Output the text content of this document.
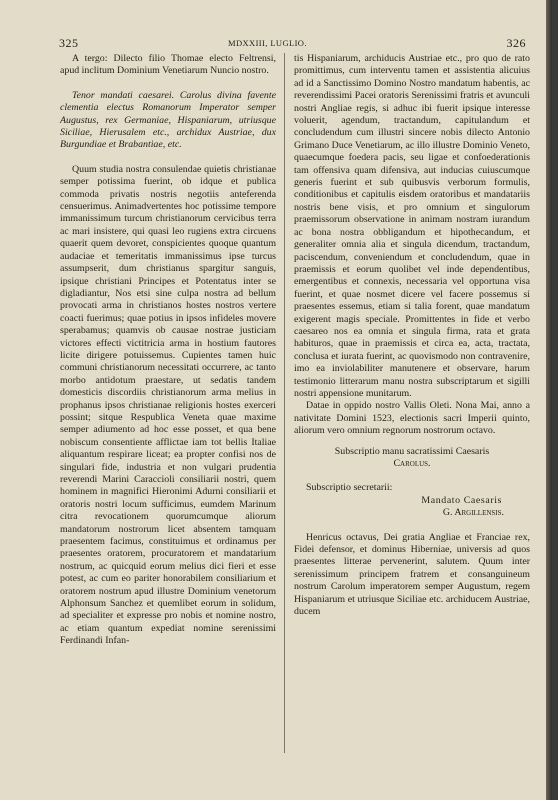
325	MDXXIII, LUGLIO.	326

A tergo: Dilecto filio Thomae electo Feltrensi, apud inclitum Dominium Venetiarum Nuncio nostro.

Tenor mandati caesarei. Carolus divina favente clementia electus Romanorum Imperator semper Augustus, rex Germaniae, Hispaniarum, utriusque Siciliae, Hierusalem etc., archidux Austriae, dux Burgundiae et Brabantiae, etc.

Quum studia nostra consulendae quietis christianae semper potissima fuerint, ob idque et publica commoda privatis nostris negotiis anteferenda censuerimus. Animadvertentes hoc potissime tempore immanissimum turcum christianorum cervicibus terra ac mari insistere, qui quasi leo rugiens extra circuens quaerit quem devoret, conspicientes quoque quantum audaciae et temeritatis immanissimus ipse turcus assumpserit, dum christianus spargitur sanguis, ipsique christiani Principes et Potentatus inter se digladiantur, Nos etsi sine culpa nostra ad bellum provocati arma in christianos hostes nostros vertere coacti fuerimus; quae potius in ipsos infideles movere sperabamus; quamvis ob causae nostrae justiciam victores effecti victitricia arma in hostium fautores licite dirigere potuissemus. Cupientes tamen huic communi christianorum necessitati occurrere, ac tanto morbo antidotum praestare, ut sedatis tandem domesticis discordiis christianorum arma melius in prophanus ipsos christianae religionis hostes exerceri possint; sitque Respublica Veneta quae maxime semper adiumento ad hoc esse posset, et qua bene nobiscum consentiente afflictae iam tot bellis Italiae aliquantum respirare liceat; ea propter confisi nos de singulari fide, industria et non vulgari prudentia reverendi Marini Caraccioli consiliarii nostri, quem hominem in magnifici Hieronimi Adurni consiliarii et oratoris nostri locum sufficimus, eumdem Marinum citra revocationem quorumcumque aliorum mandatorum nostrorum licet absentem tamquam praesentem facimus, constituimus et ordinamus per praesentes oratorem, procuratorem et mandatarium nostrum, ac quicquid eorum melius dici fieri et esse potest, ac cum eo pariter honorabilem consiliarium et oratorem nostrum apud illustre Dominium venetorum Alphonsum Sanchez et quemlibet eorum in solidum, ad specialiter et expresse pro nobis et nomine nostro, ac etiam quantum expediat nomine serenissimi Ferdinandi Infan-

tis Hispaniarum, archiducis Austriae etc., pro quo de rato promittimus, cum interventu tamen et assistentia alicuius ad id a Sanctissimo Domino Nostro mandatum habentis, ac reverendissimi Pacei oratoris Serenissimi fratris et avunculi nostri Angliae regis, si adhuc ibi fuerit ipsique interesse voluerit, agendum, tractandum, capitulandum et concludendum cum illustri sincere nobis dilecto Antonio Grimano Duce Venetiarum, ac illo illustre Dominio Veneto, quaecumque foedera pacis, seu ligae et confoederationis tam offensiva quam difensiva, aut inducias cuiuscumque generis fuerint et sub quibusvis verborum formulis, conditionibus et capitulis eisdem oratoribus et mandatariis nostris bene visis, et pro omnium et singulorum praemissorum observatione in animam nostram iurandum ac bona nostra obbligandum et hipothecandum, et generaliter omnia alia et singula dicendum, tractandum, paciscendum, conveniendum et concludendum, quae in praemissis et eorum quolibet vel inde dependentibus, emergentibus et connexis, necessaria vel opportuna visa fuerint, et quae nosmet dicere vel facere possemus si praesentes essemus, etiam si talia forent, quae mandatum exigerent magis speciale. Promittentes in fide et verbo caesareo nos ea omnia et singula firma, rata et grata habituros, quae in praemissis et circa ea, acta, tractata, conclusa et iurata fuerint, ac quovismodo non contravenire, imo ea inviolabiliter manutenere et observare, harum testimonio litterarum manu nostra subscriptarum et sigilli nostri appensione munitarum.

Datae in oppido nostro Vallis Oleti. Nona Mai, anno a nativitate Domini 1523, electionis sacri Imperii quinto, aliorum vero omnium regnorum nostrorum octavo.

Subscriptio manu sacratissimi Caesaris

Carolus.

Subscriptio secretarii:

Mandato Caesaris

G. Argillensis.

Henricus octavus, Dei gratia Angliae et Franciae rex, Fidei defensor, et dominus Hiberniae, universis ad quos praesentes litterae pervenerint, salutem. Quum inter serenissimum principem fratrem et consanguineum nostrum Carolum imperatorem semper Augustum, regem Hispaniarum et utriusque Siciliae etc. archiducem Austriae, ducem
